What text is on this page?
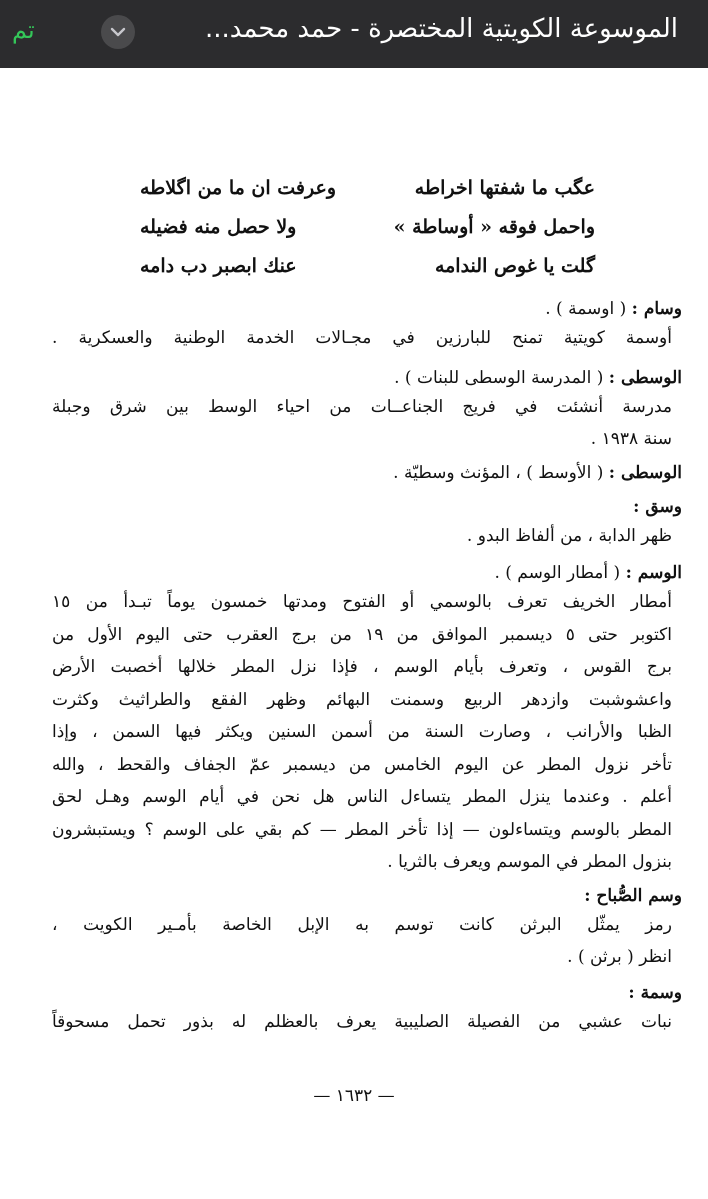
تم	الموسوعة الكويتية المختصرة - حمد محمد...
عگب ما شفتها اخراطه
وعرفت ان ما من اگلاطه
واحمل فوقه « أوساطة »
ولا حصل منه فضيله
گلت يا غوص الندامه
عنك ابصبر دب دامه
وسام : ( اوسمة ) .
أوسمة كويتية تمنح للبارزين في مجـالات الخدمة الوطنية والعسكرية .
الوسطى : ( المدرسة الوسطى للبنات ) .
مدرسة أنشئت في فريج الجناعــات من احياء الوسط بين شرق وجبلة
سنة ١٩٣٨ .
الوسطى : ( الأوسط ) ، المؤنث وسطيّة .
وسق :
ظهر الدابة ، من ألفاظ البدو .
الوسم : ( أمطار الوسم ) .
أمطار الخريف تعرف بالوسمي أو الفتوح ومدتها خمسون يوماً تبـدأ من ١٥
اكتوبر حتى ٥ ديسمبر الموافق من ١٩ من برج العقرب حتى اليوم الأول من
برج القوس ، وتعرف بأيام الوسم ، فإذا نزل المطر خلالها أخصبت الأرض
واعشوشبت وازدهر الربيع وسمنت البهائم وظهر الفقع والطراثيث وكثرت
الظبا والأرانب ، وصارت السنة من أسمن السنين ويكثر فيها السمن ، وإذا
تأخر نزول المطر عن اليوم الخامس من ديسمبر عمّ الجفاف والقحط ، والله
أعلم . وعندما ينزل المطر يتساءل الناس هل نحن في أيام الوسم وهـل لحق
المطر بالوسم ويتساءلون — إذا تأخر المطر — كم بقي على الوسم ؟ ويستبشرون
بنزول المطر في الموسم ويعرف بالثريا .
وسم الصُّباح :
رمز يمثّل البرثن كانت توسم به الإبل الخاصة بأمـير الكويت ،
انظر ( برثن ) .
وسمة :
نبات عشبي من الفصيلة الصليبية يعرف بالعظلم له بذور تحمل مسحوقاً
— ١٦٣٢ —
